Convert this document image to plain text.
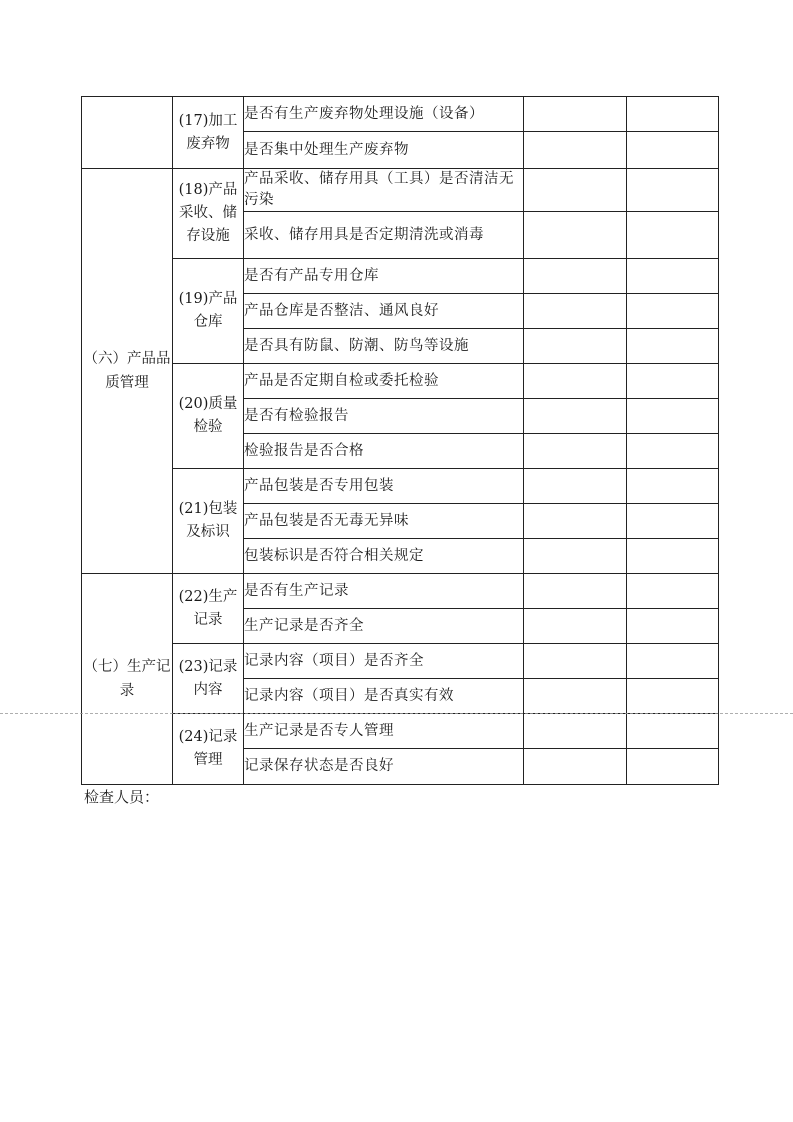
	(17)加工废弃物	是否有生产废弃物处理设施（设备）		
		是否集中处理生产废弃物		
（六）产品品质管理	(18)产品采收、储存设施	产品采收、储存用具（工具）是否清洁无污染		
		采收、储存用具是否定期清洗或消毒		
	(19)产品仓库	是否有产品专用仓库		
		产品仓库是否整洁、通风良好		
		是否具有防鼠、防潮、防鸟等设施		
	(20)质量检验	产品是否定期自检或委托检验		
		是否有检验报告		
		检验报告是否合格		
	(21)包装及标识	产品包装是否专用包装		
		产品包装是否无毒无异味		
		包装标识是否符合相关规定		
（七）生产记录	(22)生产记录	是否有生产记录		
		生产记录是否齐全		
	(23)记录内容	记录内容（项目）是否齐全		
		记录内容（项目）是否真实有效		
	(24)记录管理	生产记录是否专人管理		
		记录保存状态是否良好		
检查人员：
